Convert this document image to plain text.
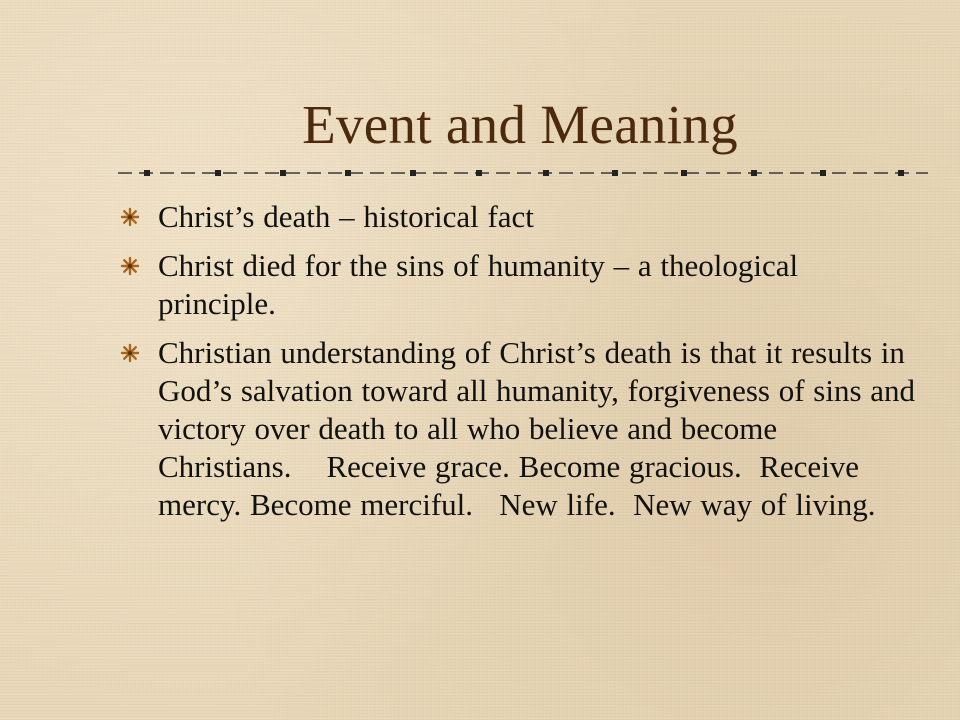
Event and Meaning
Christ’s death – historical fact
Christ died for the sins of humanity – a theological principle.
Christian understanding of Christ’s death is that it results in God’s salvation toward all humanity, forgiveness of sins and victory over death to all who believe and become Christians.    Receive grace. Become gracious.  Receive mercy. Become merciful.   New life.  New way of living.
